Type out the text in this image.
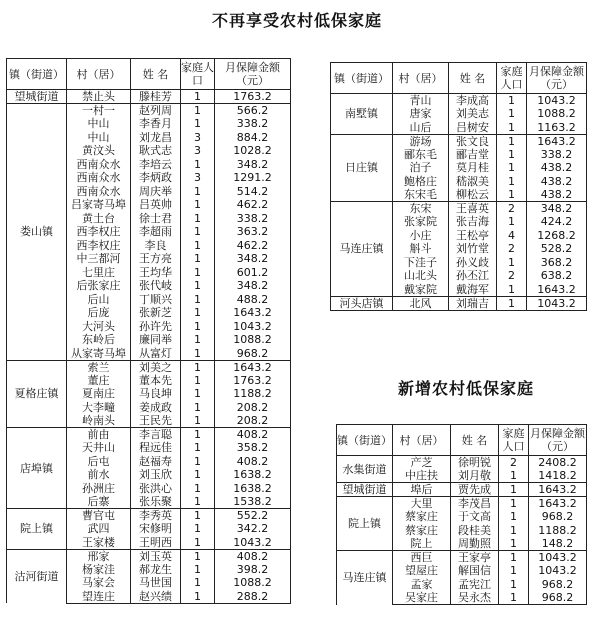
不再享受农村低保家庭
镇（街道）	村（居）	姓 名	家庭人口	月保障金额（元）
望城街道	禁止头	滕桂芳	1	1763.2
娄山镇	一村一	赵列周	1	566.2
	中山	李香月	1	338.2
	中山	刘龙昌	3	884.2
	黄汶头	耿式志	3	1028.2
	西南众水	李培云	1	348.2
	西南众水	李炳政	3	1291.2
	西南众水	周庆举	1	514.2
	吕家寄马埠	吕英帅	1	462.2
	黄土台	徐士君	1	338.2
	西李权庄	李超雨	1	363.2
	西李权庄	李良	1	462.2
	中三都河	王方亮	1	348.2
	七里庄	王均华	1	601.2
	后张家庄	张代岐	1	348.2
	后山	丁顺兴	1	488.2
	后庞	张新芝	1	1643.2
	大河头	孙许先	1	1043.2
	东岭后	廉同举	1	1088.2
	从家寄马埠	从富灯	1	968.2
夏格庄镇	索兰	刘美之	1	1643.2
	董庄	董本先	1	1763.2
	夏南庄	马良坤	1	1188.2
	大李疃	姜成政	1	208.2
	岭南头	王民先	1	208.2
店埠镇	前由	李言聪	1	408.2
	天井山	程远佳	1	358.2
	后屯	赵福寿	1	408.2
	前水	刘玉欣	1	1638.2
	孙洲庄	张洪心	1	1638.2
	后寨	张乐聚	1	1538.2
院上镇	曹官屯	李秀英	1	552.2
	武四	宋修明	1	342.2
	王家楼	王明西	1	1043.2
沽河街道	邢家	刘玉英	1	408.2
	杨家洼	郝龙生	1	398.2
	马家会	马世国	1	1088.2
	望连庄	赵兴绩	1	288.2
镇（街道）	村（居）	姓 名	家庭人口	月保障金额（元）
南墅镇	青山	李成高	1	1043.2
	唐家	刘美志	1	1088.2
	山后	吕树安	1	1163.2
日庄镇	游场	张文良	1	1643.2
	郦东毛	郦吉堂	1	338.2
	泊子	莫月桂	1	438.2
	鲍格庄	嵇淑美	1	438.2
	东宋毛	柳松云	1	438.2
马连庄镇	东宋	王喜英	2	348.2
	张家院	张吉海	1	424.2
	小庄	王松亭	4	1268.2
	斛斗	刘竹堂	2	528.2
	下洼子	孙义歧	1	368.2
	山北头	孙丕江	2	638.2
	戴家院	戴海军	1	1643.2
河头店镇	北风	刘瑞吉	1	1043.2
新增农村低保家庭
镇（街道）	村（居）	姓 名	家庭人口	月保障金额（元）
水集街道	产芝	徐明锐	2	2408.2
	中庄扶	刘月敬	1	1418.2
望城街道	埠后	贾先成	1	1643.2
院上镇	大里	李茂昌	1	1643.2
	蔡家庄	于文高	1	968.2
	蔡家庄	段桂美	1	1188.2
	院上	周勤照	1	148.2
马连庄镇	西巨	王家亭	1	1043.2
	望屋庄	解国信	1	1043.2
	孟家	孟宪江	1	968.2
	吴家庄	吴永杰	1	968.2
